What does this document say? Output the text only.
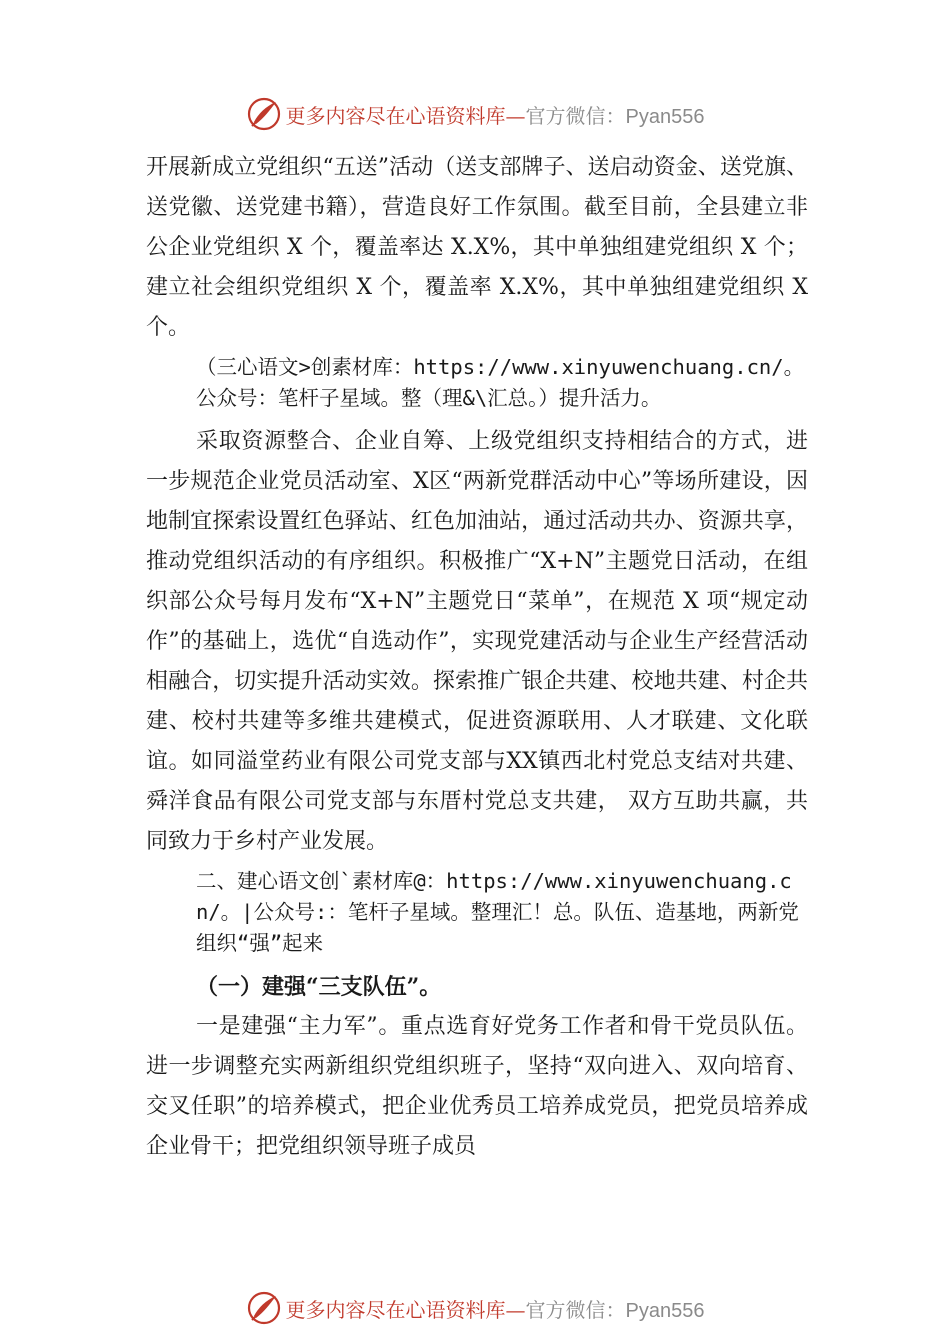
更多内容尽在心语资料库—官方微信：Pyan556

开展新成立党组织“五送”活动（送支部牌子、送启动资金、送党旗、送党徽、送党建书籍），营造良好工作氛围。截至目前，全县建立非公企业党组织 X 个，覆盖率达 X.X%，其中单独组建党组织 X 个；建立社会组织党组织 X 个，覆盖率 X.X%，其中单独组建党组织 X 个。

（三心语文>创素材库：https://www.xinyuwenchuang.cn/。公众号：笔杆子星域。整（理&\汇总。）提升活力。

采取资源整合、企业自筹、上级党组织支持相结合的方式，进一步规范企业党员活动室、X区“两新党群活动中心”等场所建设，因地制宜探索设置红色驿站、红色加油站，通过活动共办、资源共享，推动党组织活动的有序组织。积极推广“X+N”主题党日活动，在组织部公众号每月发布“X+N”主题党日“菜单”，在规范 X 项“规定动作”的基础上，选优“自选动作”，实现党建活动与企业生产经营活动相融合，切实提升活动实效。探索推广银企共建、校地共建、村企共建、校村共建等多维共建模式，促进资源联用、人才联建、文化联谊。如同溢堂药业有限公司党支部与XX镇西北村党总支结对共建、舜洋食品有限公司党支部与东厝村党总支共建， 双方互助共赢，共同致力于乡村产业发展。

二、建心语文创`素材库@：https://www.xinyuwenchuang.cn/。|公众号:：笔杆子星域。整理汇！总。队伍、造基地，两新党组织“强”起来

（一）建强“三支队伍”。

一是建强“主力军”。重点选育好党务工作者和骨干党员队伍。进一步调整充实两新组织党组织班子，坚持“双向进入、双向培育、交叉任职”的培养模式，把企业优秀员工培养成党员，把党员培养成企业骨干；把党组织领导班子成员

更多内容尽在心语资料库—官方微信：Pyan556
